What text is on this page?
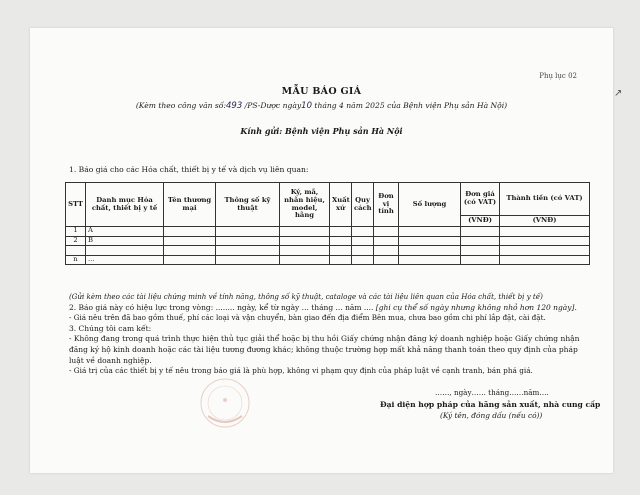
Phụ lục 02
↗
MẪU BÁO GIÁ
(Kèm theo công văn số:493 /PS-Dược ngày10 tháng 4 năm 2025 của Bệnh viện Phụ sản Hà Nội)
Kính gửi: Bệnh viện Phụ sản Hà Nội
1. Báo giá cho các Hóa chất, thiết bị y tế và dịch vụ liên quan:
STT	Danh mục Hóa chất, thiết bị y tế	Tên thương mại	Thông số kỹ thuật	Ký, mã, nhãn hiệu, model, hãng	Xuất xứ	Quy cách	Đơn vị tính	Số lượng	Đơn giá (có VAT)	Thành tiền (có VAT)
									(VNĐ)	(VNĐ)
1	A									
2	B									

n	...									
(Gửi kèm theo các tài liệu chứng minh về tính năng, thông số kỹ thuật, cataloge và các tài liệu liên quan của Hóa chất, thiết bị y tế)
2. Báo giá này có hiệu lực trong vòng: ........ ngày, kể từ ngày ... tháng ... năm .... [ghi cụ thể số ngày nhưng không nhỏ hơn 120 ngày].
- Giá nêu trên đã bao gồm thuế, phí các loại và vận chuyển, bàn giao đến địa điểm Bên mua, chưa bao gồm chi phí lắp đặt, cài đặt.
3. Chúng tôi cam kết:
- Không đang trong quá trình thực hiện thủ tục giải thể hoặc bị thu hồi Giấy chứng nhận đăng ký doanh nghiệp hoặc Giấy chứng nhận đăng ký hộ kinh doanh hoặc các tài liệu tương đương khác; không thuộc trường hợp mất khả năng thanh toán theo quy định của pháp luật về doanh nghiệp.
- Giá trị của các thiết bị y tế nêu trong báo giá là phù hợp, không vi phạm quy định của pháp luật về cạnh tranh, bán phá giá.
……, ngày…… tháng……năm….
Đại diện hợp pháp của hãng sản xuất, nhà cung cấp
(Ký tên, đóng dấu (nếu có))
